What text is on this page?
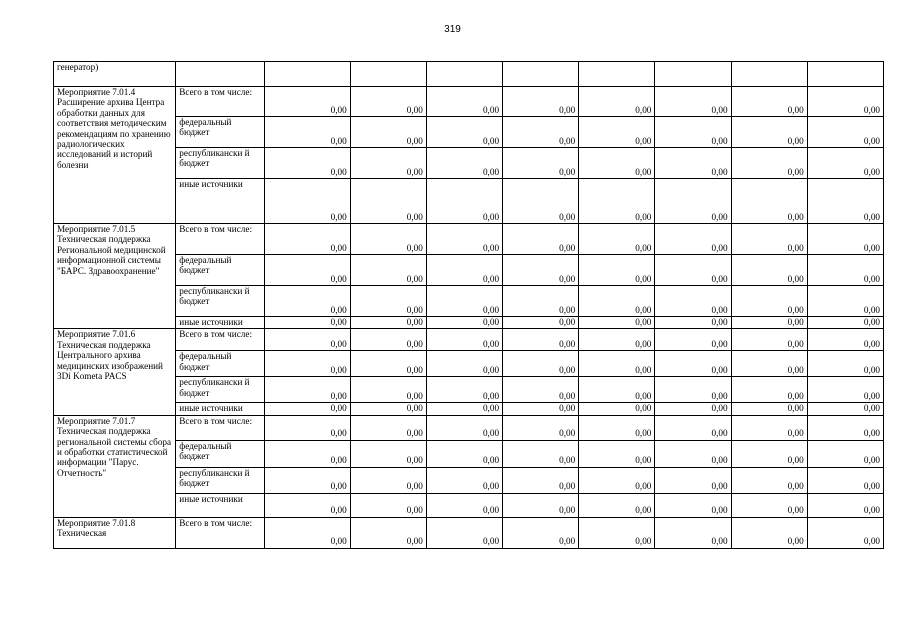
319
генератор)									
Мероприятие 7.01.4 Расширение архива Центра обработки данных для соответствия методическим рекомендациям по хранению радиологических исследований и историй болезни	Всего в том числе:	0,00	0,00	0,00	0,00	0,00	0,00	0,00	0,00
	федеральный бюджет	0,00	0,00	0,00	0,00	0,00	0,00	0,00	0,00
	республикански й бюджет	0,00	0,00	0,00	0,00	0,00	0,00	0,00	0,00
	иные источники	0,00	0,00	0,00	0,00	0,00	0,00	0,00	0,00
Мероприятие 7.01.5 Техническая поддержка Региональной медицинской информационной системы "БАРС. Здравоохранение"	Всего в том числе:	0,00	0,00	0,00	0,00	0,00	0,00	0,00	0,00
	федеральный бюджет	0,00	0,00	0,00	0,00	0,00	0,00	0,00	0,00
	республикански й бюджет	0,00	0,00	0,00	0,00	0,00	0,00	0,00	0,00
	иные источники	0,00	0,00	0,00	0,00	0,00	0,00	0,00	0,00
Мероприятие 7.01.6 Техническая поддержка Центрального архива медицинских изображений 3Di Kometa PACS	Всего в том числе:	0,00	0,00	0,00	0,00	0,00	0,00	0,00	0,00
	федеральный бюджет	0,00	0,00	0,00	0,00	0,00	0,00	0,00	0,00
	республикански й бюджет	0,00	0,00	0,00	0,00	0,00	0,00	0,00	0,00
	иные источники	0,00	0,00	0,00	0,00	0,00	0,00	0,00	0,00
Мероприятие 7.01.7 Техническая поддержка региональной системы сбора и обработки статистической информации "Парус. Отчетность"	Всего в том числе:	0,00	0,00	0,00	0,00	0,00	0,00	0,00	0,00
	федеральный бюджет	0,00	0,00	0,00	0,00	0,00	0,00	0,00	0,00
	республикански й бюджет	0,00	0,00	0,00	0,00	0,00	0,00	0,00	0,00
	иные источники	0,00	0,00	0,00	0,00	0,00	0,00	0,00	0,00
Мероприятие 7.01.8 Техническая	Всего в том числе:	0,00	0,00	0,00	0,00	0,00	0,00	0,00	0,00
